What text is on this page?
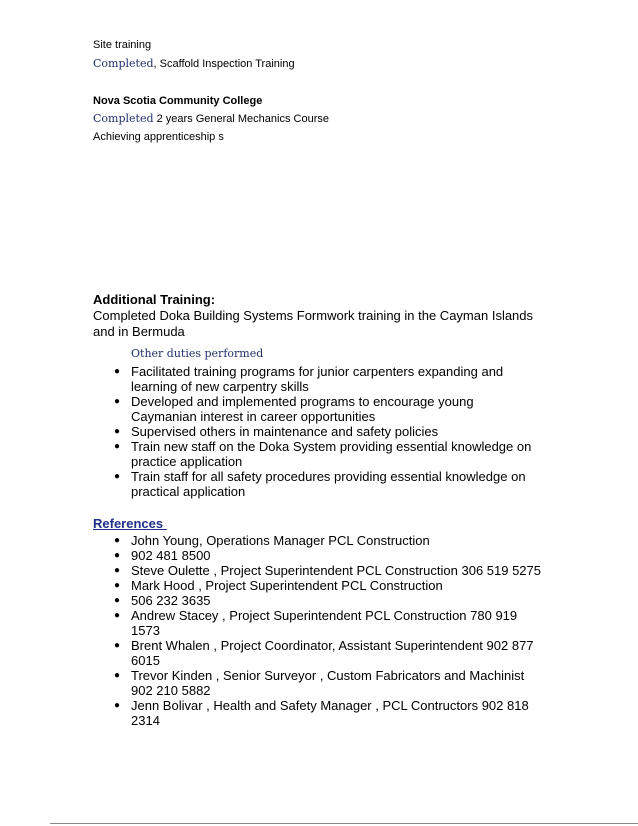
Site training
Completed, Scaffold Inspection Training
Nova Scotia Community College
Completed 2 years General Mechanics Course
Achieving apprenticeship s
Additional Training:
Completed Doka Building Systems Formwork training in the Cayman Islands and in Bermuda
Other duties performed
● Facilitated training programs for junior carpenters expanding and learning of new carpentry skills
● Developed and implemented programs to encourage young Caymanian interest in career opportunities
● Supervised others in maintenance and safety policies
● Train new staff on the Doka System providing essential knowledge on practice application
● Train staff for all safety procedures providing essential knowledge on practical application
References
● John Young, Operations Manager PCL Construction
● 902 481 8500
● Steve Oulette , Project Superintendent PCL Construction 306 519 5275
● Mark Hood , Project Superintendent PCL Construction
● 506 232 3635
● Andrew Stacey , Project Superintendent PCL Construction 780 919 1573
● Brent Whalen , Project Coordinator, Assistant Superintendent 902 877 6015
● Trevor Kinden , Senior Surveyor , Custom Fabricators and Machinist 902 210 5882
● Jenn Bolivar , Health and Safety Manager , PCL Contructors 902 818 2314
